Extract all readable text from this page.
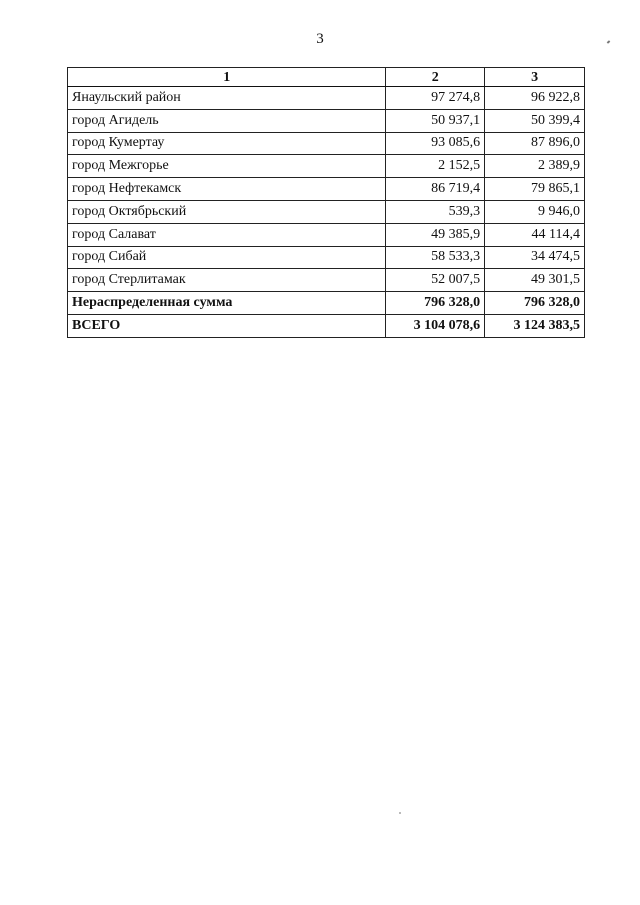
3
1	2	3
Янаульский район	97 274,8	96 922,8
город Агидель	50 937,1	50 399,4
город Кумертау	93 085,6	87 896,0
город Межгорье	2 152,5	2 389,9
город Нефтекамск	86 719,4	79 865,1
город Октябрьский	539,3	9 946,0
город Салават	49 385,9	44 114,4
город Сибай	58 533,3	34 474,5
город Стерлитамак	52 007,5	49 301,5
Нераспределенная сумма	796 328,0	796 328,0
ВСЕГО	3 104 078,6	3 124 383,5
